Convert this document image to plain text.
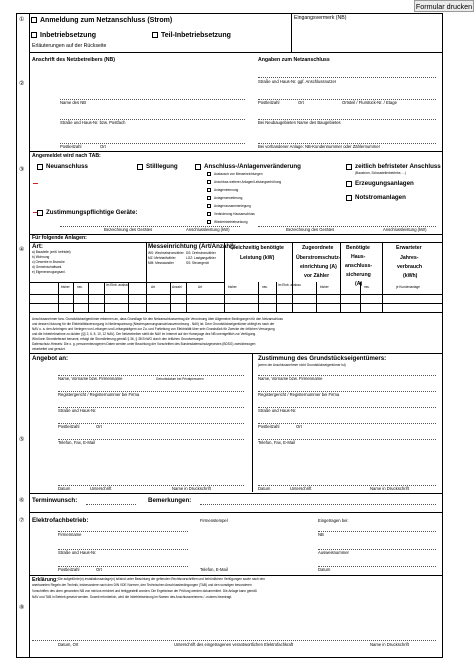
Formular drucken
①
②
③
④
⑤
⑥
⑦
⑧
Anmeldung zum Netzanschluss (Strom)
Inbetriebsetzung	Teil-Inbetriebsetzung
Erläuterungen auf der Rückseite
Eingangsvermerk (NB)
Anschrift des Netzbetreibers (NB)	Angaben zum Netzanschluss
Name des NB
Straße und Haus-Nr. bzw. Postfach
Postleitzahl	Ort
Straße und Haus-Nr. ggf. Anschlussnutzer
Postleitzahl	Ort	Ortsteil / Flurstück-Nr. / Etage
Bei Neubaugebieten Name des Baugebietes
Bei vorhandener Anlage: NB-Kundennummer oder Zählernummer
Angemeldet wird nach TAB:
Neuanschluss	Stilllegung	Anschluss-/Anlagenveränderung
Austausch von Messeinrichtungen
Anschluss weiterer Anlagen/Leistungserhöhung
Anlagentrennung
Anlagenerweiterung
Anlagenzusammenlegung
Veränderung Hausanschluss
Wiederinbetriebsetzung
zeitlich befristeter Anschluss
(Baustrom, Schaustellerbetriebe, ...)
Erzeugungsanlagen
Notstromanlagen
Zustimmungspflichtige Geräte:
Bezeichnung des Gerätes	Anschlussleistung (kW)	Bezeichnung des Gerätes	Anschlussleistung (kW)
Für folgende Anlagen:
Art:
a) Baustelle (zeitl. befristet)
b) Wohnung
c) Gewerbe m.Branche
d) Gemeinschaftsanl.
e) Eigenerzeugungsanl.
Messeinrichtung (Art/Anzahl):
WS: Wechselstromzähler
MZ: Mehrtarifzähler
MM: Messwandler
DS: Drehstromzähler
LGZ: Lastgangzähler
SS: Steuergerät
Gleichzeitig benötigte
Leistung (kW)
Zugeordnete
Überstromschutz-
einrichtung (A)
vor Zähler
Benötigte
Haus-
anschluss-
sicherung
(A)
Erwarteter
Jahres-
verbrauch
(kWh)
bisher neu	im Einb. ausbau	Art	Anzahl	Art	bisher	neu	im Einb. ausbau	bisher	neu	je Kundenanlage
Anschlussnehmer bzw. Grundstückseigentümer erkennen an, dass Grundlage für den Netzanschlussvertrag die Verordnung über Allgemeine Bedingungen für den Netzanschluss
und dessen Nutzung für die Elektrizitätsversorgung in Niederspannung (Niederspannungsanschlussverordnung - NAV) ist. Dem Grundstückseigentümer obliegt es nach der
NAV u. a. den Anbringen und Verlegen von Leitungen und Leitungsträgern zur Zu- und Fortleitung von Elektrizität über sein Grundstück für Zwecke der örtlichen Versorgung
und die Inbetriebnahme zu dulden (§§ 2, 6, 8, 10, 12 NAV). Der Netzbetreiber stellt die NAV im Internet auf der Homepage des NB unentgeltlich zur Verfügung.
Wird kein Stromlieferant benannt, erfolgt die Stromlieferung gemäß § 36, § 38 EnWG durch den örtlichen Grundversorger.
Datenschutz-Hinweis: Die o. g. personenbezogenen Daten werden unter Beachtung der Vorschriften des Bundesdatenschutzgesetzes (BDSG) zweckbezogen
verarbeitet und genutzt.
Angebot an:	Zustimmung des Grundstückseigentümers:
(wenn der Anschlussnehmer nicht Grundstückseigentümer ist)
Name, Vorname bzw. Firmenname	Geburtsdatum bei Privatpersonen
Registergericht / Registernummer bei Firma
Straße und Haus-Nr.
Postleitzahl	Ort
Telefon, Fax, E-Mail
Datum	Unterschrift	Name in Druckschrift
Name, Vorname bzw. Firmenname
Registergericht / Registernummer bei Firma
Straße und Haus-Nr.
Postleitzahl	Ort
Telefon, Fax, E-Mail
Datum	Unterschrift	Name in Druckschrift
Terminwunsch:	Bemerkungen:
Elektrofachbetrieb:	Firmenstempel	Eingetragen bei:
Firmenname	NB
Straße und Haus-Nr.	Ausweisnummer
Postleitzahl	Ort	Telefon, E-Mail	Datum
Erklärung: Die aufgeführte(n) Installationsanlage(n) ist/sind unter Beachtung der geltenden Rechtsvorschriften und behördlichen Verfügungen sowie nach den
anerkannten Regeln der Technik, insbesondere nach den DIN VDE Normen, den Technischen Anschlussbedingungen (TAB) und den sonstigen besonderen
Vorschriften des oben genannten NB von mir/uns errichtet und fertiggestellt worden. Die Ergebnisse der Prüfung werden dokumentiert. Die Anlage kann gemäß
NAV und TAB in Betrieb gesetzt werden. Soweit erforderlich, wird die Inbetriebsetzung im Namen des Anschlussnehmers / -nutzers beantragt.
Datum, Ort	Unterschrift des eingetragenen verantwortlichen Elektrofachkraft	Name in Druckschrift
